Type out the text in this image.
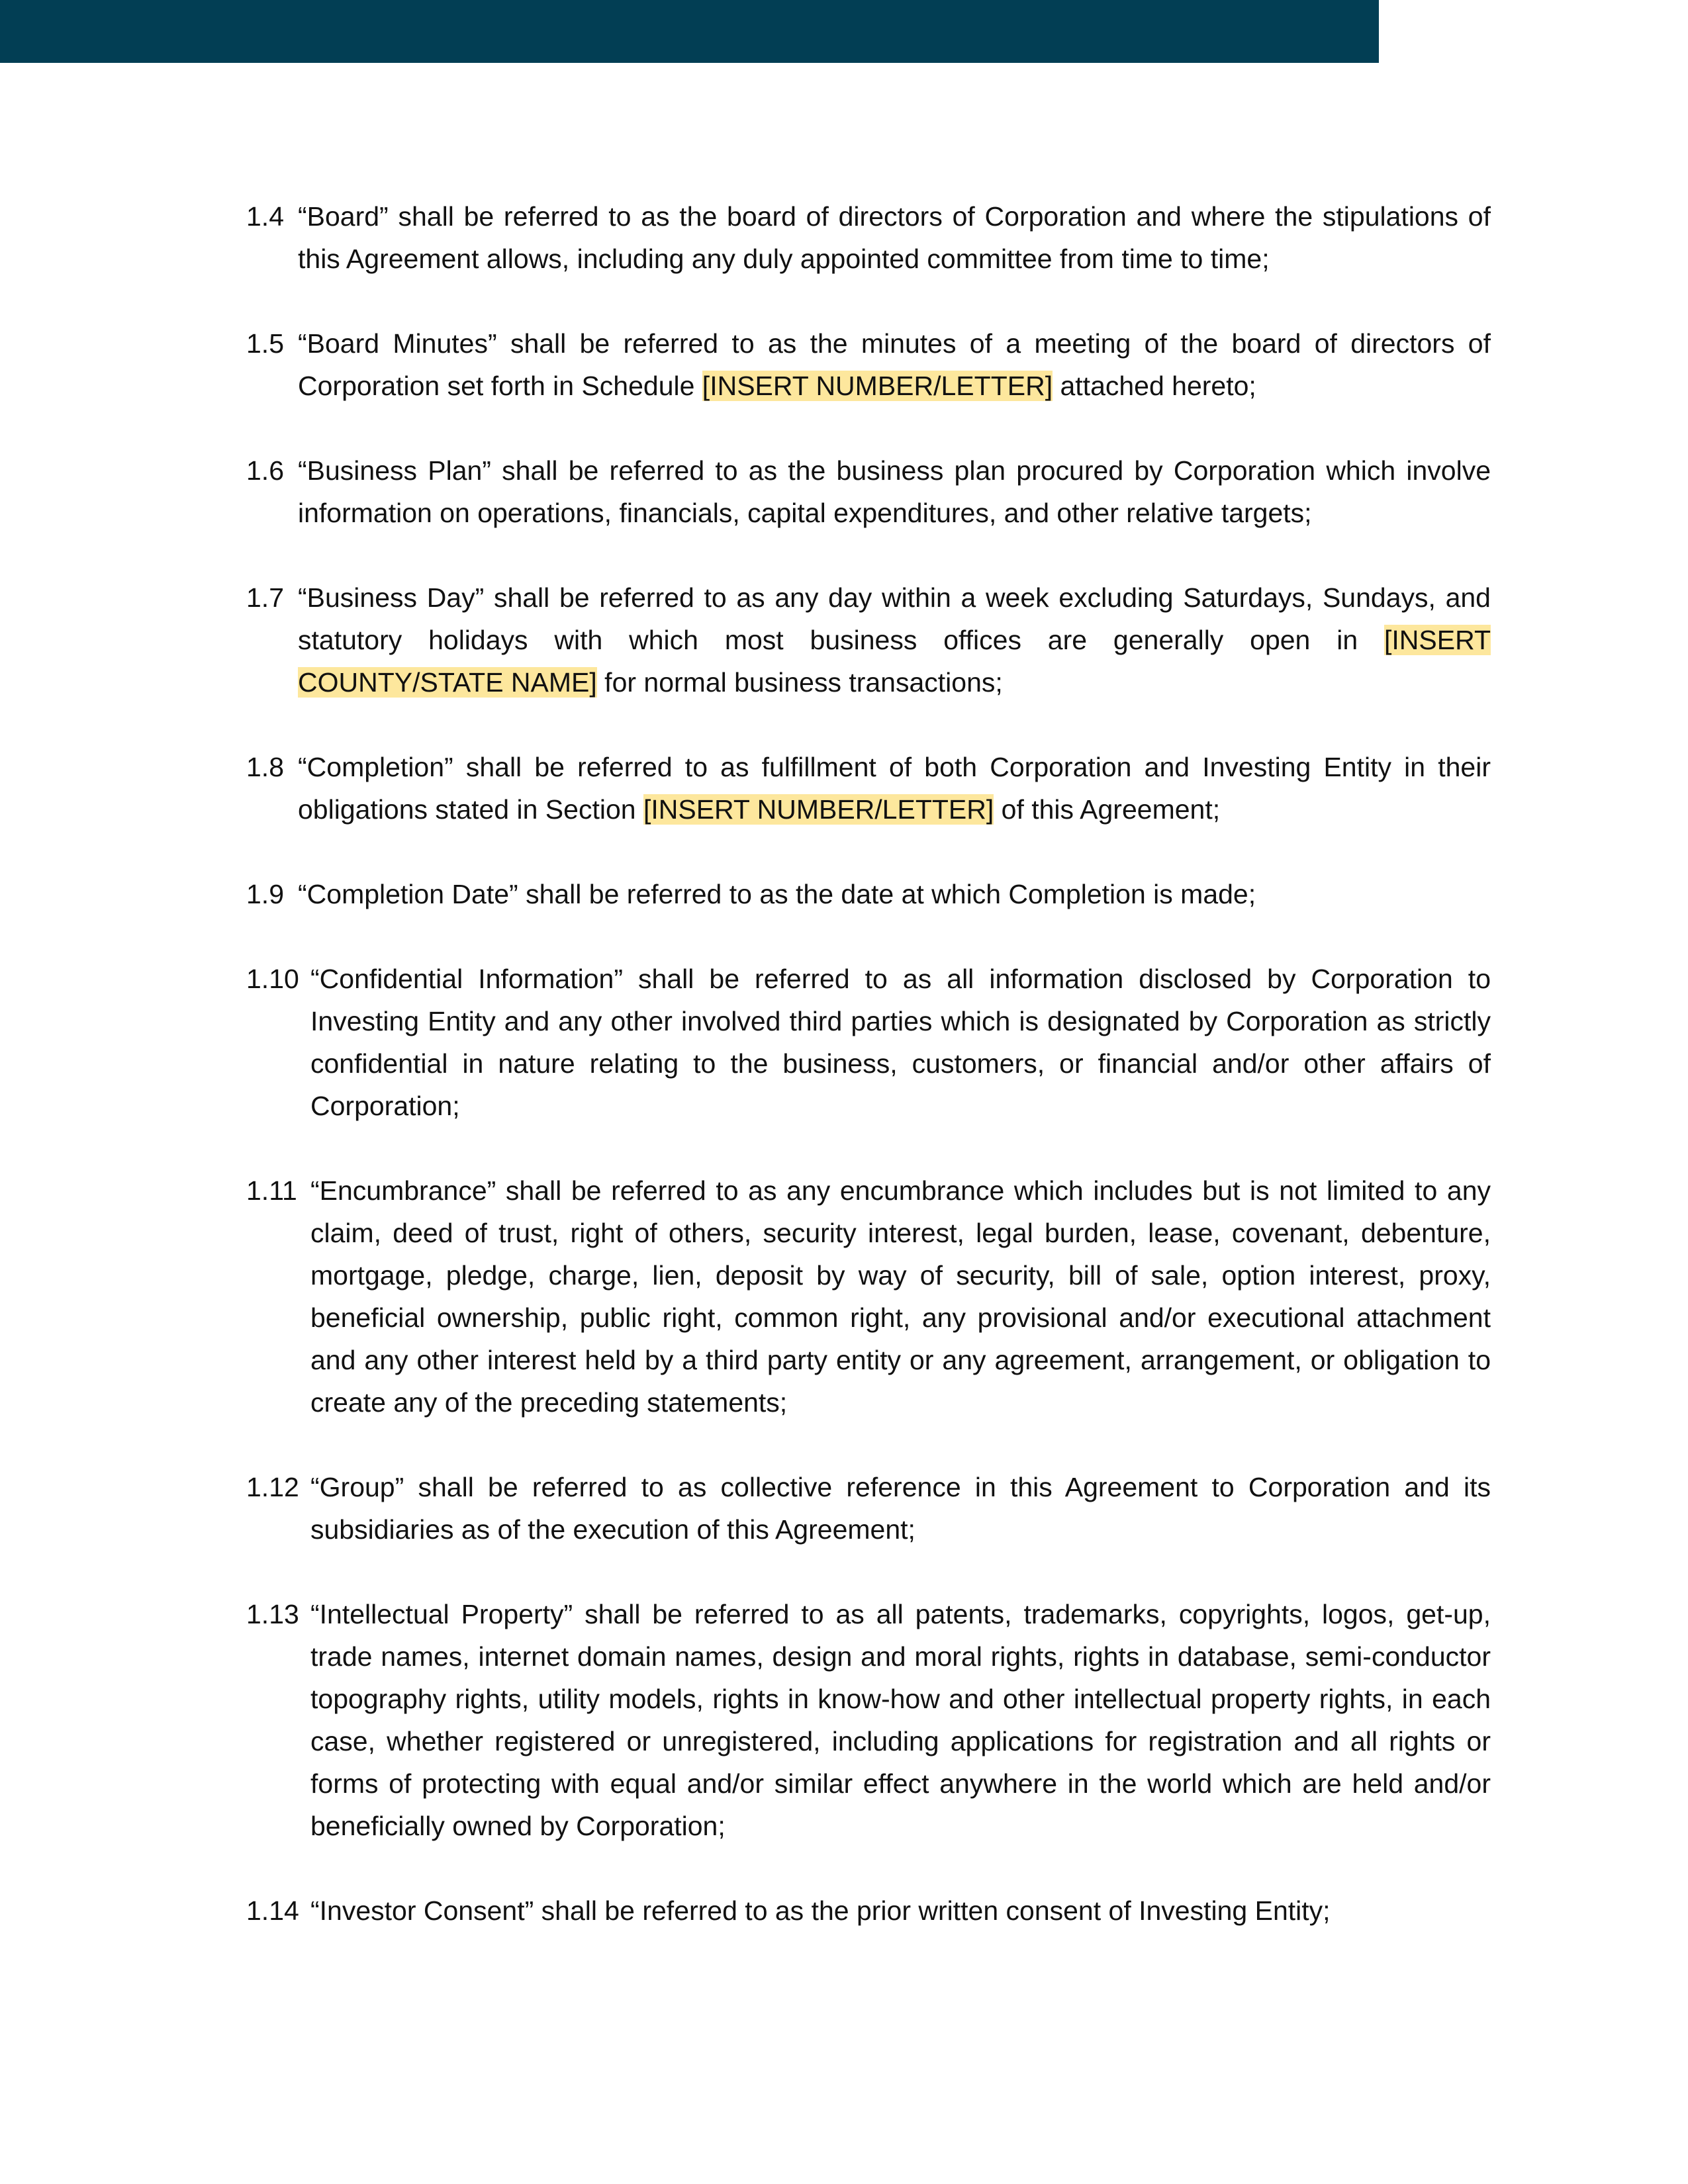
1.4 “Board” shall be referred to as the board of directors of Corporation and where the stipulations of this Agreement allows, including any duly appointed committee from time to time;
1.5 “Board Minutes” shall be referred to as the minutes of a meeting of the board of directors of Corporation set forth in Schedule [INSERT NUMBER/LETTER] attached hereto;
1.6 “Business Plan” shall be referred to as the business plan procured by Corporation which involve information on operations, financials, capital expenditures, and other relative targets;
1.7 “Business Day” shall be referred to as any day within a week excluding Saturdays, Sundays, and statutory holidays with which most business offices are generally open in [INSERT COUNTY/STATE NAME] for normal business transactions;
1.8 “Completion” shall be referred to as fulfillment of both Corporation and Investing Entity in their obligations stated in Section [INSERT NUMBER/LETTER] of this Agreement;
1.9 “Completion Date” shall be referred to as the date at which Completion is made;
1.10 “Confidential Information” shall be referred to as all information disclosed by Corporation to Investing Entity and any other involved third parties which is designated by Corporation as strictly confidential in nature relating to the business, customers, or financial and/or other affairs of Corporation;
1.11 “Encumbrance” shall be referred to as any encumbrance which includes but is not limited to any claim, deed of trust, right of others, security interest, legal burden, lease, covenant, debenture, mortgage, pledge, charge, lien, deposit by way of security, bill of sale, option interest, proxy, beneficial ownership, public right, common right, any provisional and/or executional attachment and any other interest held by a third party entity or any agreement, arrangement, or obligation to create any of the preceding statements;
1.12 “Group” shall be referred to as collective reference in this Agreement to Corporation and its subsidiaries as of the execution of this Agreement;
1.13 “Intellectual Property” shall be referred to as all patents, trademarks, copyrights, logos, get-up, trade names, internet domain names, design and moral rights, rights in database, semi-conductor topography rights, utility models, rights in know-how and other intellectual property rights, in each case, whether registered or unregistered, including applications for registration and all rights or forms of protecting with equal and/or similar effect anywhere in the world which are held and/or beneficially owned by Corporation;
1.14 “Investor Consent” shall be referred to as the prior written consent of Investing Entity;
